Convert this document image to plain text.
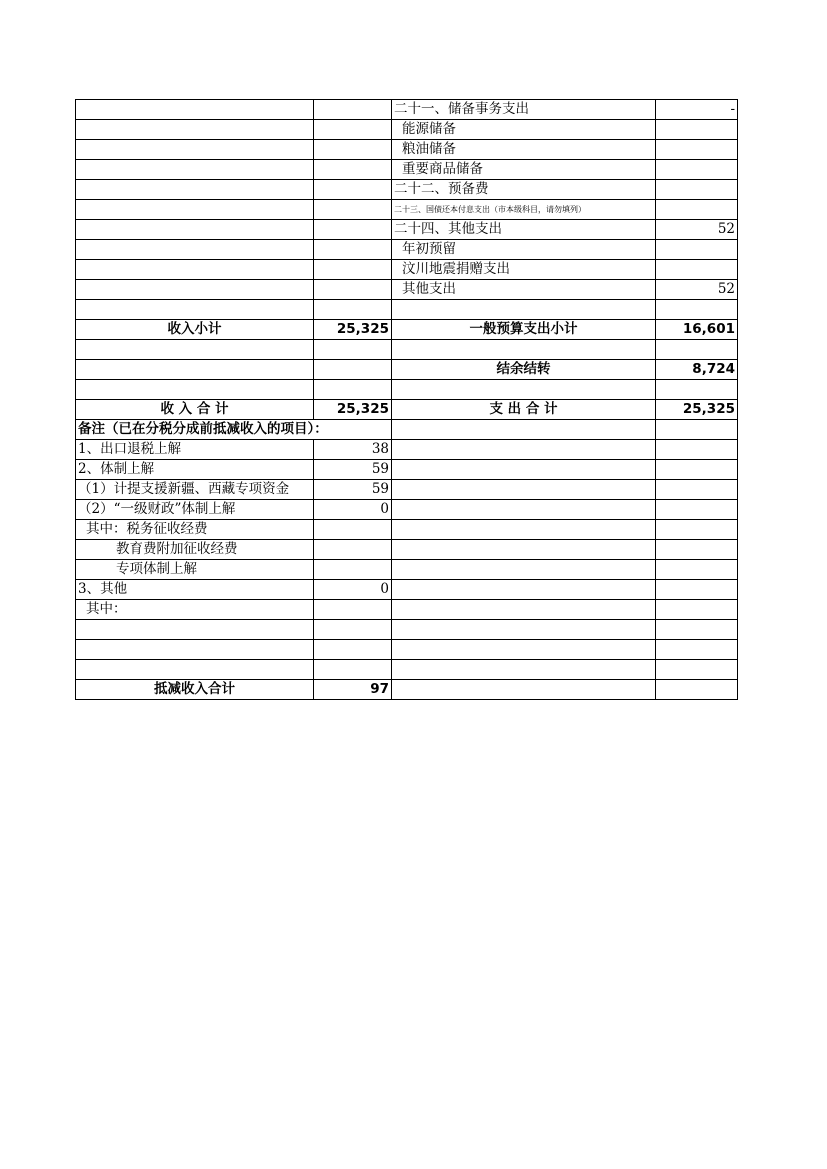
		二十一、储备事务支出	-
		能源储备	
		粮油储备	
		重要商品储备	
		二十二、预备费	
		二十三、国债还本付息支出（市本级科目，请勿填列）	
		二十四、其他支出	52
		年初预留	
		汶川地震捐赠支出	
		其他支出	52

收入小计	25,325	一般预算支出小计	16,601

		结余结转	8,724

收 入 合 计	25,325	支 出 合 计	25,325
备注（已在分税分成前抵减收入的项目）：			
1、出口退税上解	38		
2、体制上解	59		
（1）计提支援新疆、西藏专项资金	59		
（2）“一级财政”体制上解	0		
其中：税务征收经费			
教育费附加征收经费			
专项体制上解			
3、其他	0		
其中：			

抵减收入合计	97		
